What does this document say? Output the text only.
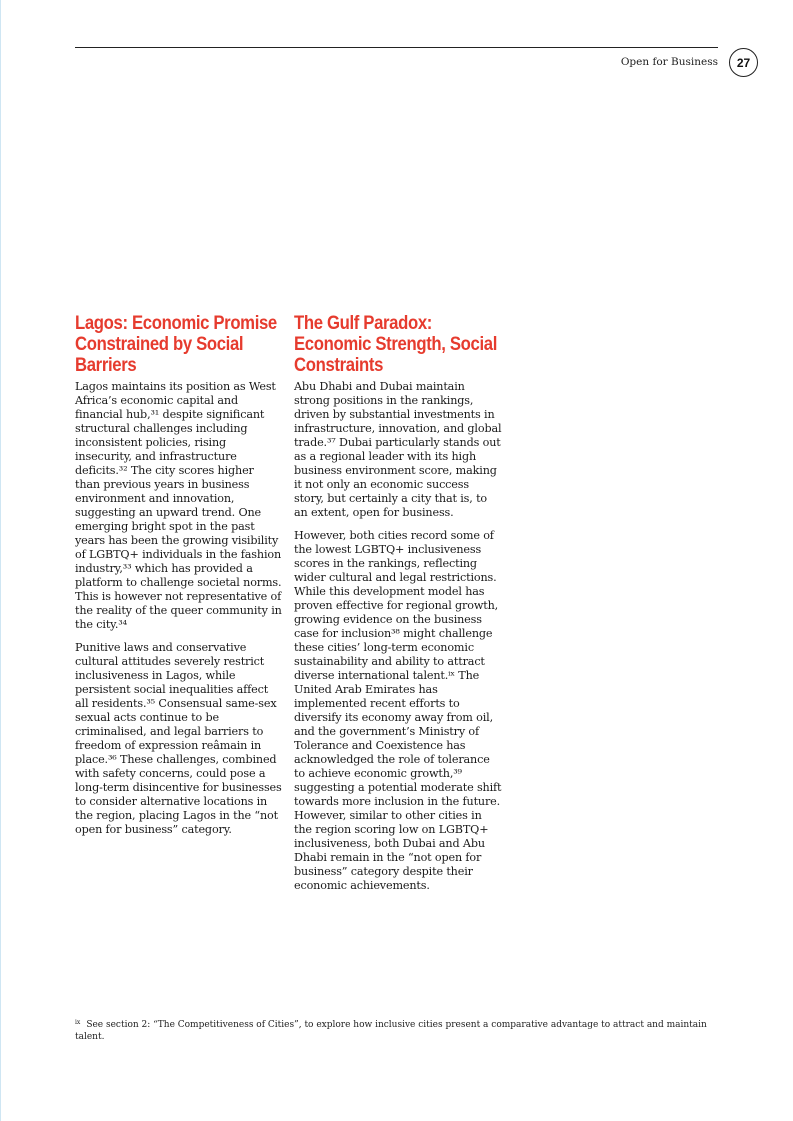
Open for Business 27
Lagos: Economic Promise Constrained by Social Barriers

Lagos maintains its position as West Africa’s economic capital and financial hub,³¹ despite significant structural challenges including inconsistent policies, rising insecurity, and infrastructure deficits.³² The city scores higher than previous years in business environment and innovation, suggesting an upward trend. One emerging bright spot in the past years has been the growing visibility of LGBTQ+ individuals in the fashion industry,³³ which has provided a platform to challenge societal norms. This is however not representative of the reality of the queer community in the city.³⁴

Punitive laws and conservative cultural attitudes severely restrict inclusiveness in Lagos, while persistent social inequalities affect all residents.³⁵ Consensual same-sex sexual acts continue to be criminalised, and legal barriers to freedom of expression reâmain in place.³⁶ These challenges, combined with safety concerns, could pose a long-term disincentive for businesses to consider alternative locations in the region, placing Lagos in the “not open for business” category.

The Gulf Paradox: Economic Strength, Social Constraints

Abu Dhabi and Dubai maintain strong positions in the rankings, driven by substantial investments in infrastructure, innovation, and global trade.³⁷ Dubai particularly stands out as a regional leader with its high business environment score, making it not only an economic success story, but certainly a city that is, to an extent, open for business.

However, both cities record some of the lowest LGBTQ+ inclusiveness scores in the rankings, reflecting wider cultural and legal restrictions. While this development model has proven effective for regional growth, growing evidence on the business case for inclusion³⁸ might challenge these cities’ long-term economic sustainability and ability to attract diverse international talent.ⁱˣ The United Arab Emirates has implemented recent efforts to diversify its economy away from oil, and the government’s Ministry of Tolerance and Coexistence has acknowledged the role of tolerance to achieve economic growth,³⁹ suggesting a potential moderate shift towards more inclusion in the future. However, similar to other cities in the region scoring low on LGBTQ+ inclusiveness, both Dubai and Abu Dhabi remain in the “not open for business” category despite their economic achievements.

$^{ix}$ See section 2: “The Competitiveness of Cities”, to explore how inclusive cities present a comparative advantage to attract and maintain talent.
